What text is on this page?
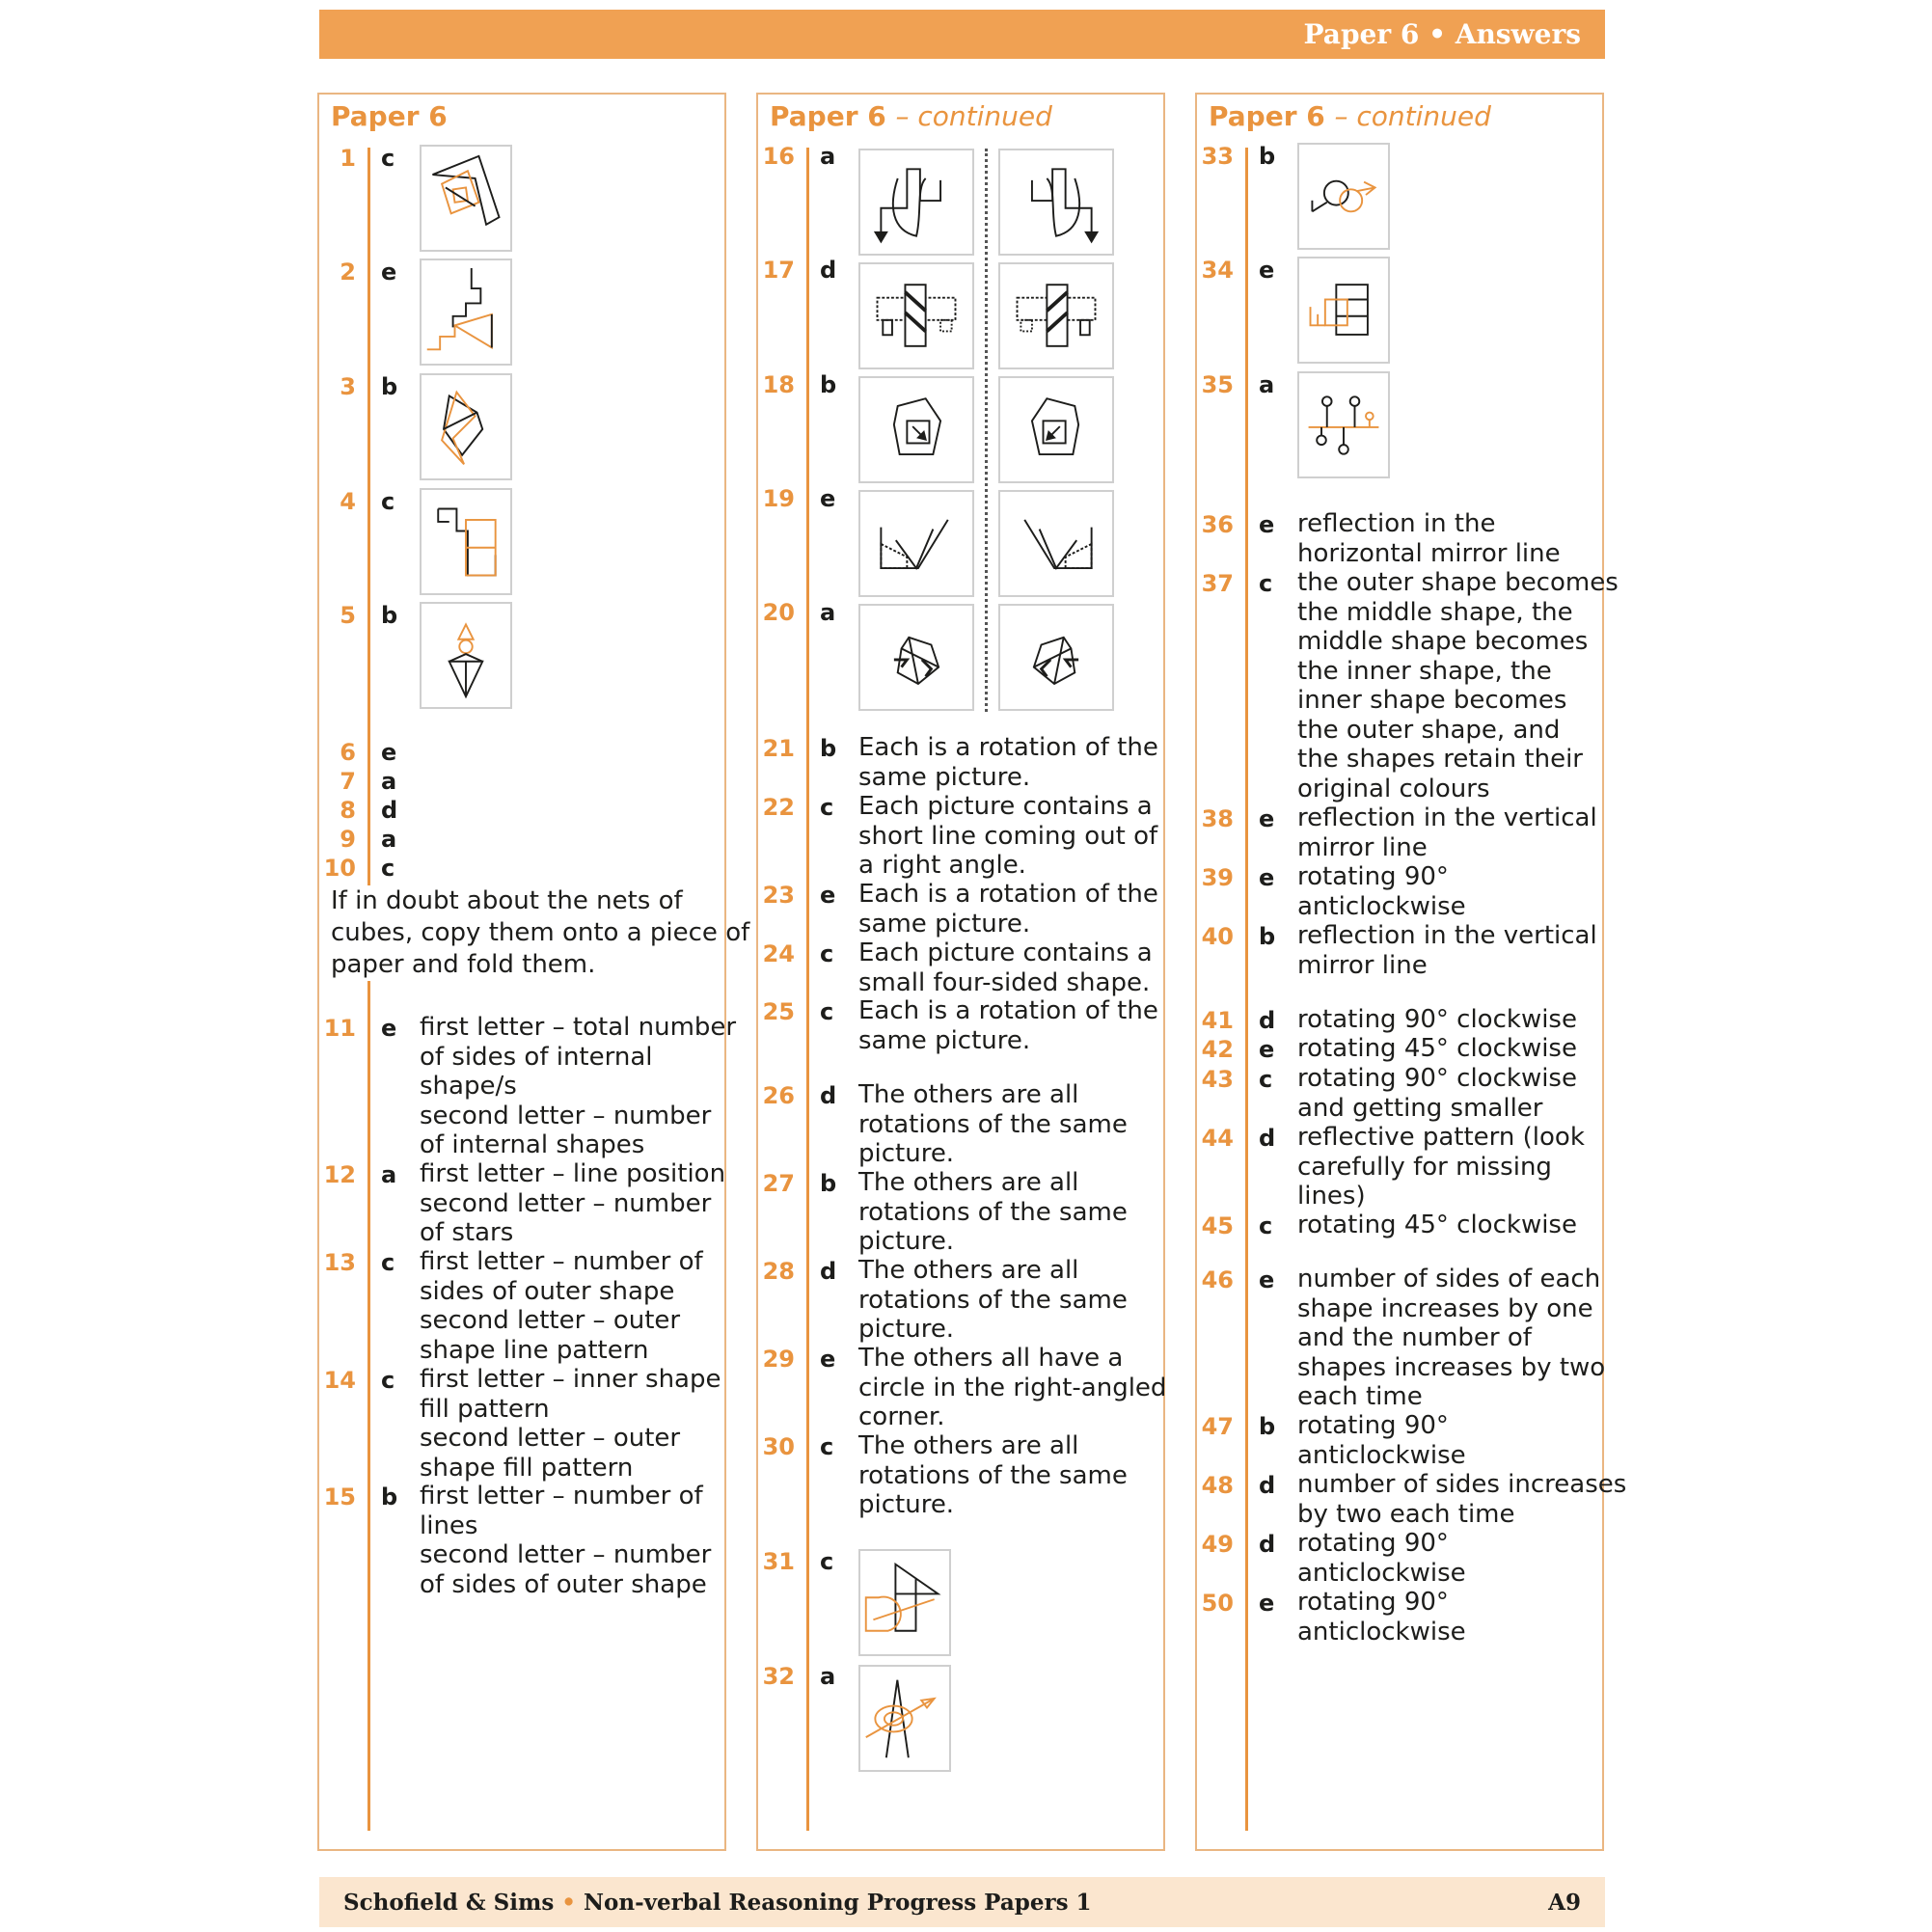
Paper 6 • Answers
Paper 6
1 c
2 e
3 b
4 c
5 b
6 e
7 a
8 d
9 a
10 c
If in doubt about the nets of
cubes, copy them onto a piece of
paper and fold them.
11 e first letter – total number
of sides of internal
shape/s
second letter – number
of internal shapes
12 a first letter – line position
second letter – number
of stars
13 c first letter – number of
sides of outer shape
second letter – outer
shape line pattern
14 c first letter – inner shape
fill pattern
second letter – outer
shape fill pattern
15 b first letter – number of
lines
second letter – number
of sides of outer shape
Paper 6 – continued
16 a
17 d
18 b
19 e
20 a
21 b Each is a rotation of the
same picture.
22 c Each picture contains a
short line coming out of
a right angle.
23 e Each is a rotation of the
same picture.
24 c Each picture contains a
small four-sided shape.
25 c Each is a rotation of the
same picture.
26 d The others are all
rotations of the same
picture.
27 b The others are all
rotations of the same
picture.
28 d The others are all
rotations of the same
picture.
29 e The others all have a
circle in the right-angled
corner.
30 c The others are all
rotations of the same
picture.
31 c
32 a
Paper 6 – continued
33 b
34 e
35 a
36 e reflection in the
horizontal mirror line
37 c the outer shape becomes
the middle shape, the
middle shape becomes
the inner shape, the
inner shape becomes
the outer shape, and
the shapes retain their
original colours
38 e reflection in the vertical
mirror line
39 e rotating 90°
anticlockwise
40 b reflection in the vertical
mirror line
41 d rotating 90° clockwise
42 e rotating 45° clockwise
43 c rotating 90° clockwise
and getting smaller
44 d reflective pattern (look
carefully for missing
lines)
45 c rotating 45° clockwise
46 e number of sides of each
shape increases by one
and the number of
shapes increases by two
each time
47 b rotating 90°
anticlockwise
48 d number of sides increases
by two each time
49 d rotating 90°
anticlockwise
50 e rotating 90°
anticlockwise
Schofield & Sims • Non-verbal Reasoning Progress Papers 1	A9
